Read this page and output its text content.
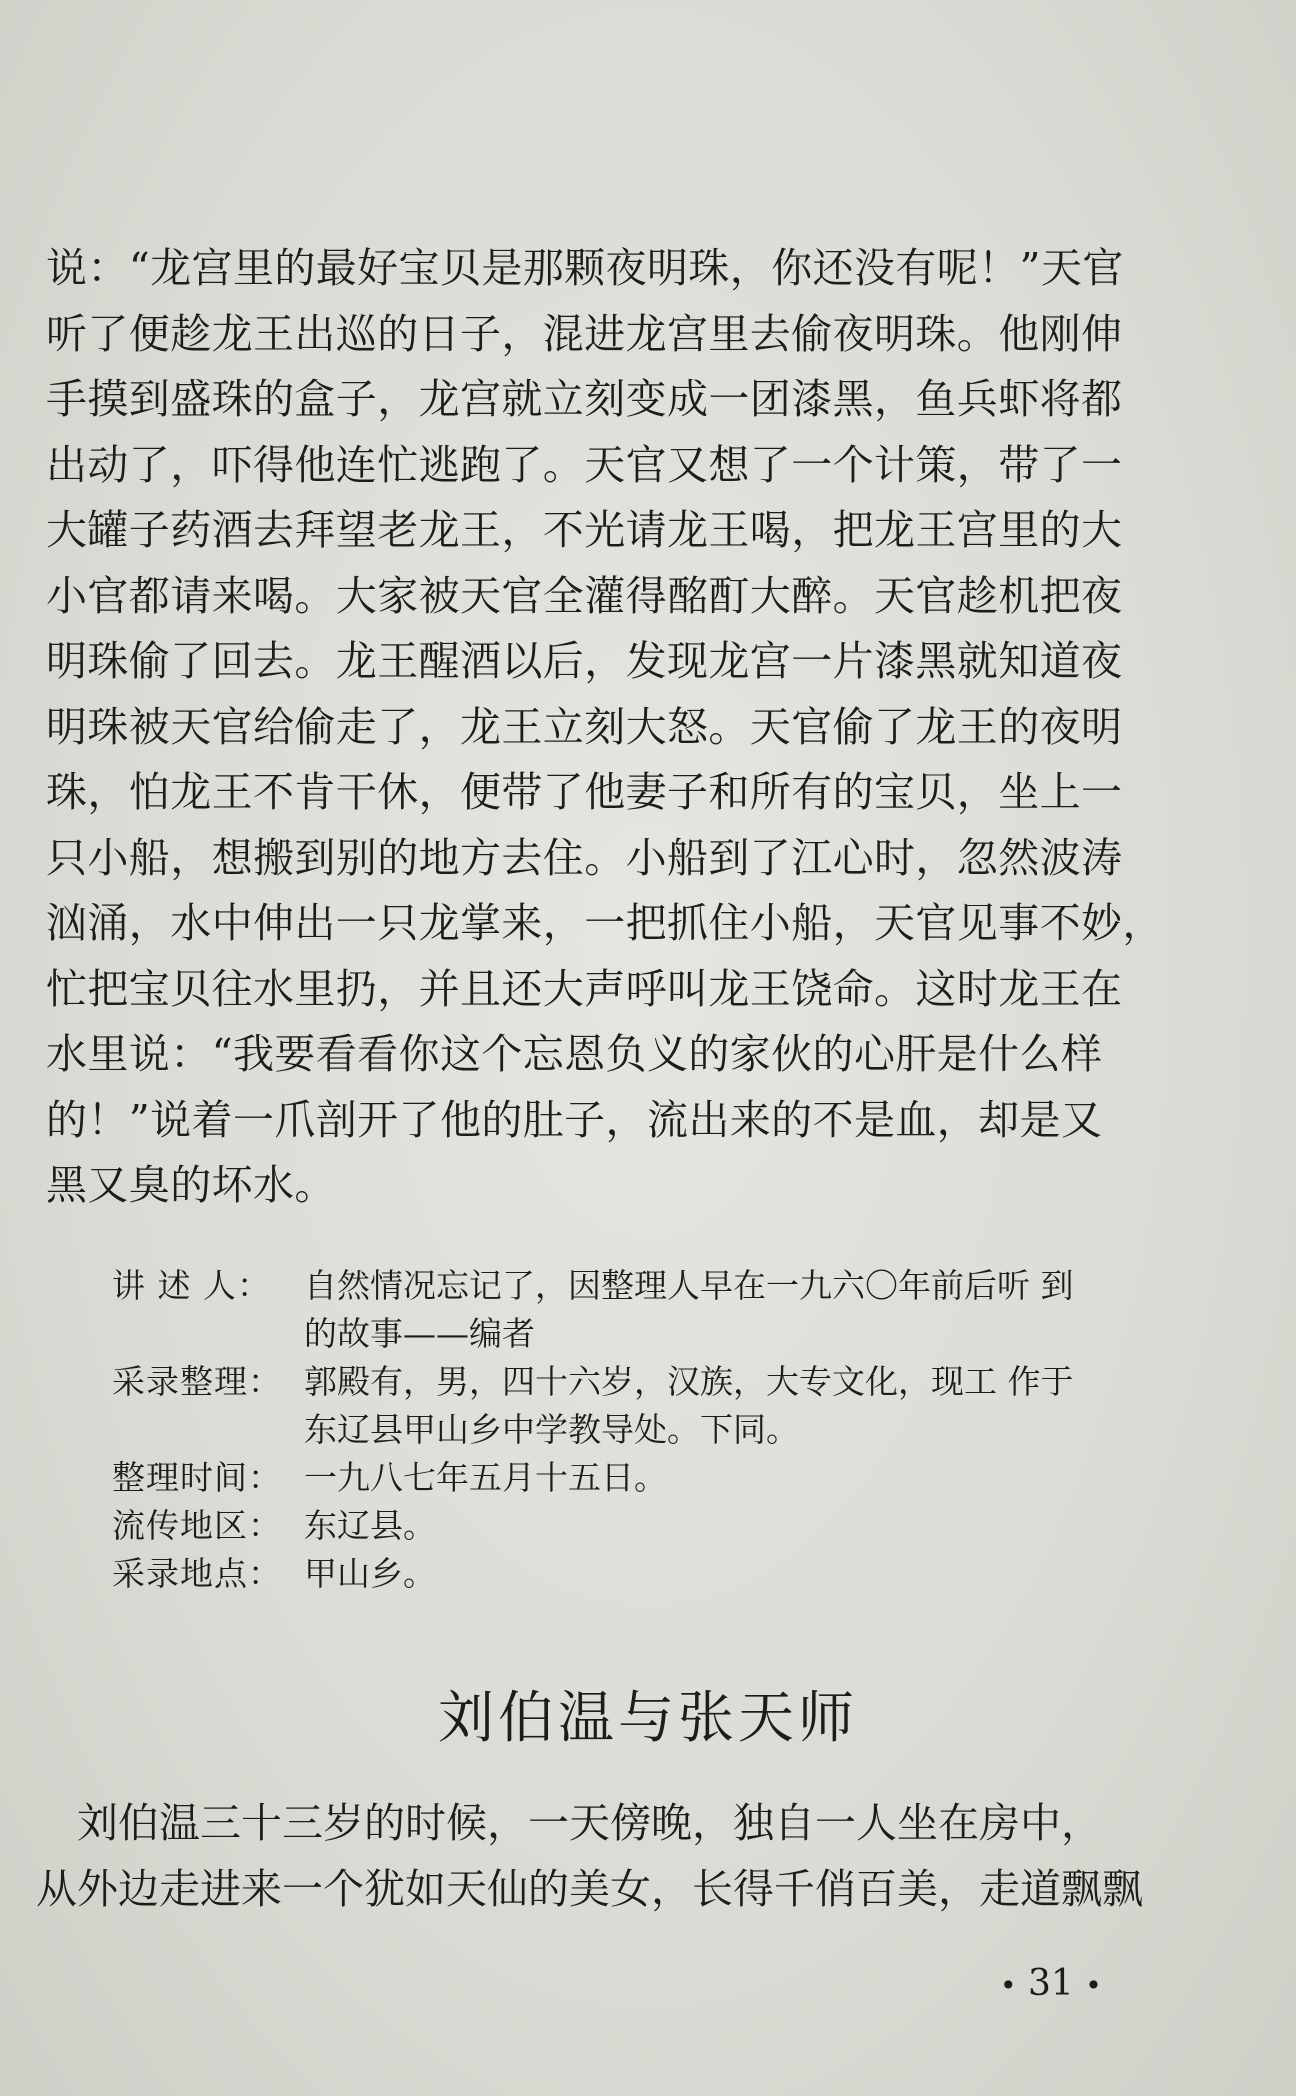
说：“龙宫里的最好宝贝是那颗夜明珠，你还没有呢！”天官

听了便趁龙王出巡的日子，混进龙宫里去偷夜明珠。他刚伸

手摸到盛珠的盒子，龙宫就立刻变成一团漆黑，鱼兵虾将都

出动了，吓得他连忙逃跑了。天官又想了一个计策，带了一

大罐子药酒去拜望老龙王，不光请龙王喝，把龙王宫里的大

小官都请来喝。大家被天官全灌得酩酊大醉。天官趁机把夜

明珠偷了回去。龙王醒酒以后，发现龙宫一片漆黑就知道夜

明珠被天官给偷走了，龙王立刻大怒。天官偷了龙王的夜明

珠，怕龙王不肯干休，便带了他妻子和所有的宝贝，坐上一

只小船，想搬到别的地方去住。小船到了江心时，忽然波涛

汹涌，水中伸出一只龙掌来，一把抓住小船，天官见事不妙，

忙把宝贝往水里扔，并且还大声呼叫龙王饶命。这时龙王在

水里说：“我要看看你这个忘恩负义的家伙的心肝是什么样

的！”说着一爪剖开了他的肚子，流出来的不是血，却是又

黑又臭的坏水。

讲 述 人：	自然情况忘记了，因整理人早在一九六〇年前后听 到
的故事——编者
采录整理： 郭殿有，男，四十六岁，汉族，大专文化，现工 作于
东辽县甲山乡中学教导处。下同。
整理时间： 一九八七年五月十五日。
流传地区： 东辽县。
采录地点： 甲山乡。
刘伯温与张天师

　刘伯温三十三岁的时候，一天傍晚，独自一人坐在房中，

从外边走进来一个犹如天仙的美女，长得千俏百美，走道飘飘

• 31 •
